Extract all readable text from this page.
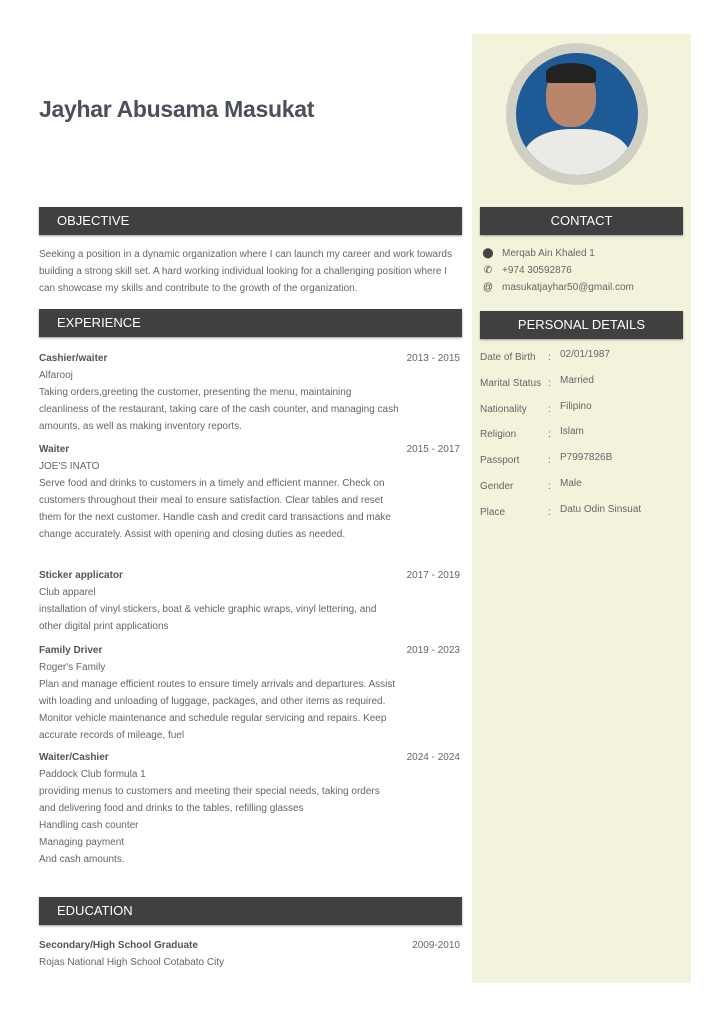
Jayhar Abusama Masukat
OBJECTIVE
Seeking a position in a dynamic organization where I can launch my career and work towards building a strong skill set. A hard working individual looking for a challenging position where I can showcase my skills and contribute to the growth of the organization.
EXPERIENCE
Cashier/waiter	2013 - 2015
Alfarooj
Taking orders,greeting the customer, presenting the menu, maintaining cleanliness of the restaurant, taking care of the cash counter, and managing cash amounts, as well as making inventory reports.
Waiter	2015 - 2017
JOE'S INATO
Serve food and drinks to customers in a timely and efficient manner. Check on customers throughout their meal to ensure satisfaction. Clear tables and reset them for the next customer. Handle cash and credit card transactions and make change accurately. Assist with opening and closing duties as needed.
Sticker applicator	2017 - 2019
Club apparel
installation of vinyl stickers, boat & vehicle graphic wraps, vinyl lettering, and other digital print applications
Family Driver	2019 - 2023
Roger's Family
Plan and manage efficient routes to ensure timely arrivals and departures. Assist with loading and unloading of luggage, packages, and other items as required. Monitor vehicle maintenance and schedule regular servicing and repairs. Keep accurate records of mileage, fuel
Waiter/Cashier	2024 - 2024
Paddock Club formula 1
providing menus to customers and meeting their special needs, taking orders and delivering food and drinks to the tables, refilling glasses
Handling cash counter
Managing payment
And cash amounts.
EDUCATION
Secondary/High School Graduate	2009-2010
Rojas National High School Cotabato City
CONTACT
⬤ Merqab Ain Khaled 1
✆ +974 30592876
@ masukatjayhar50@gmail.com
PERSONAL DETAILS
Date of Birth	: 02/01/1987
Marital Status : Married
Nationality	: Filipino
Religion	: Islam
Passport	: P7997826B
Gender	: Male
Place	: Datu Odin Sinsuat
